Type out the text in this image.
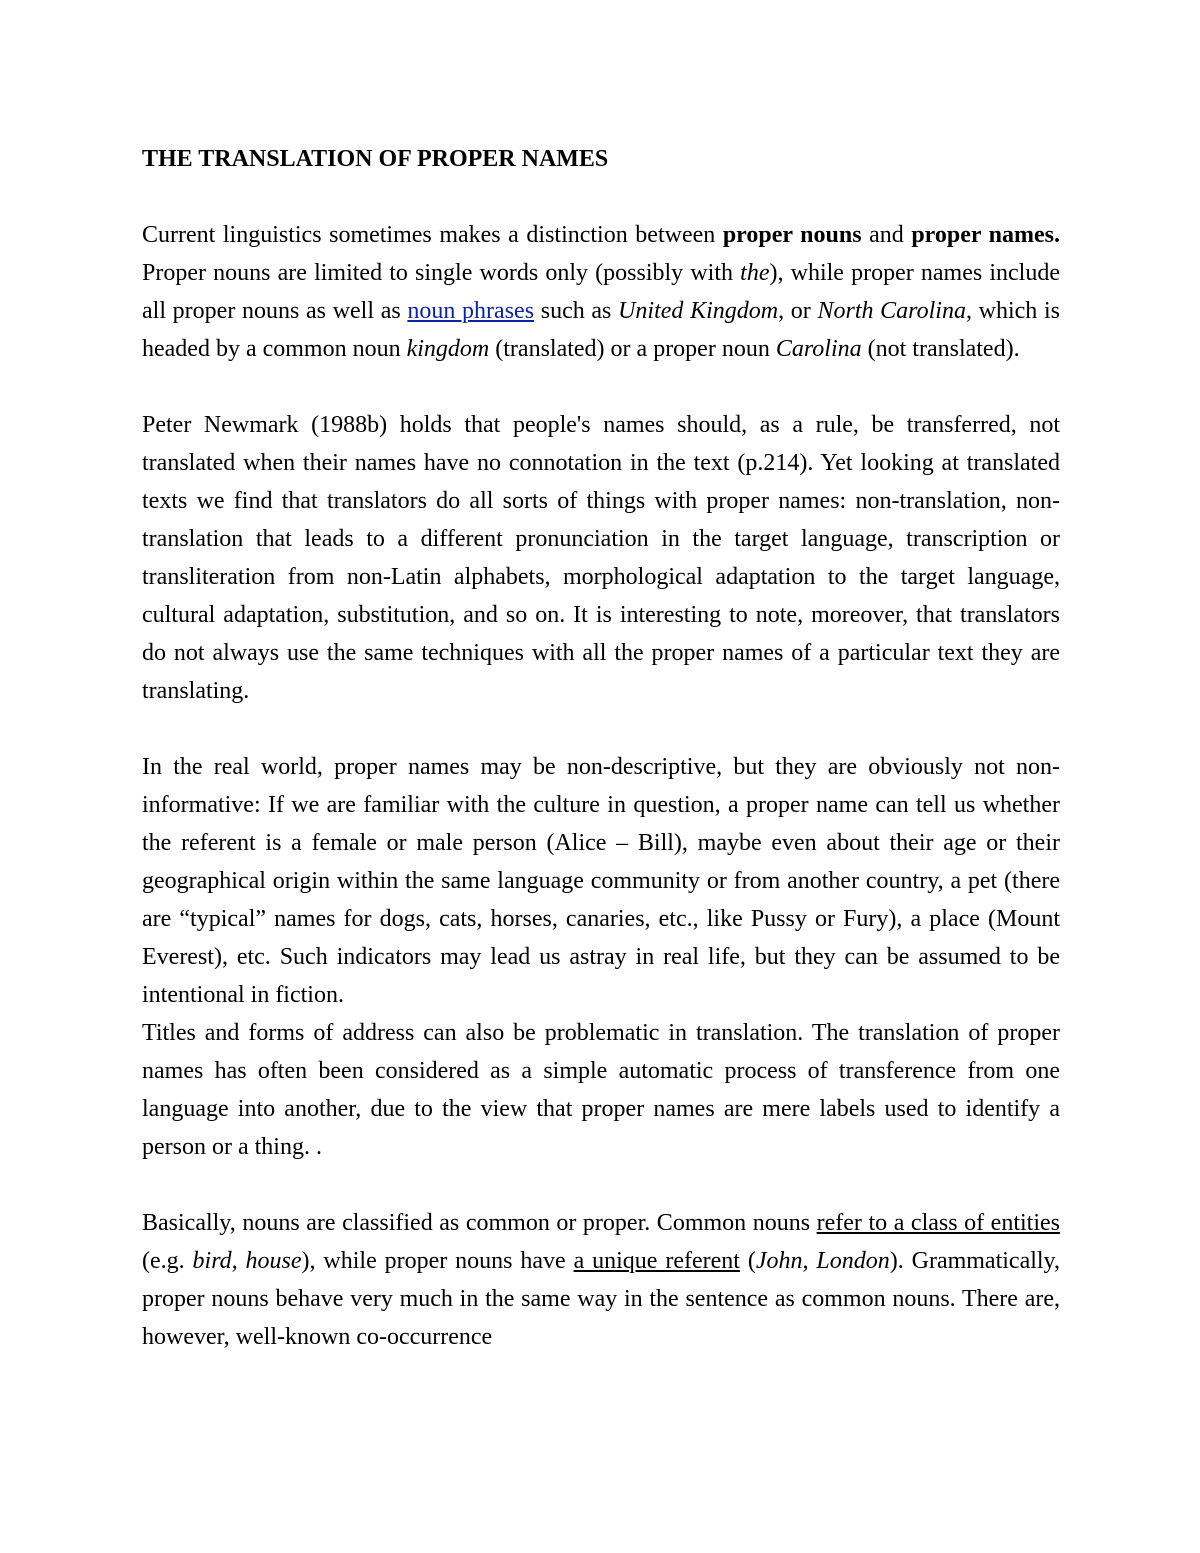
THE TRANSLATION OF PROPER NAMES

Current linguistics sometimes makes a distinction between proper nouns and proper names. Proper nouns are limited to single words only (possibly with the), while proper names include all proper nouns as well as noun phrases such as United Kingdom, or North Carolina, which is headed by a common noun kingdom (translated) or a proper noun Carolina (not translated).

Peter Newmark (1988b) holds that people's names should, as a rule, be transferred, not translated when their names have no connotation in the text (p.214). Yet looking at translated texts we find that translators do all sorts of things with proper names: non-translation, non-translation that leads to a different pronunciation in the target language, transcription or transliteration from non-Latin alphabets, morphological adaptation to the target language, cultural adaptation, substitution, and so on. It is interesting to note, moreover, that translators do not always use the same techniques with all the proper names of a particular text they are translating.

In the real world, proper names may be non-descriptive, but they are obviously not non-informative: If we are familiar with the culture in question, a proper name can tell us whether the referent is a female or male person (Alice – Bill), maybe even about their age or their geographical origin within the same language community or from another country, a pet (there are “typical” names for dogs, cats, horses, canaries, etc., like Pussy or Fury), a place (Mount Everest), etc. Such indicators may lead us astray in real life, but they can be assumed to be intentional in fiction.

Titles and forms of address can also be problematic in translation. The translation of proper names has often been considered as a simple automatic process of transference from one language into another, due to the view that proper names are mere labels used to identify a person or a thing. .

Basically, nouns are classified as common or proper. Common nouns refer to a class of entities (e.g. bird, house), while proper nouns have a unique referent (John, London). Grammatically, proper nouns behave very much in the same way in the sentence as common nouns. There are, however, well-known co-occurrence
